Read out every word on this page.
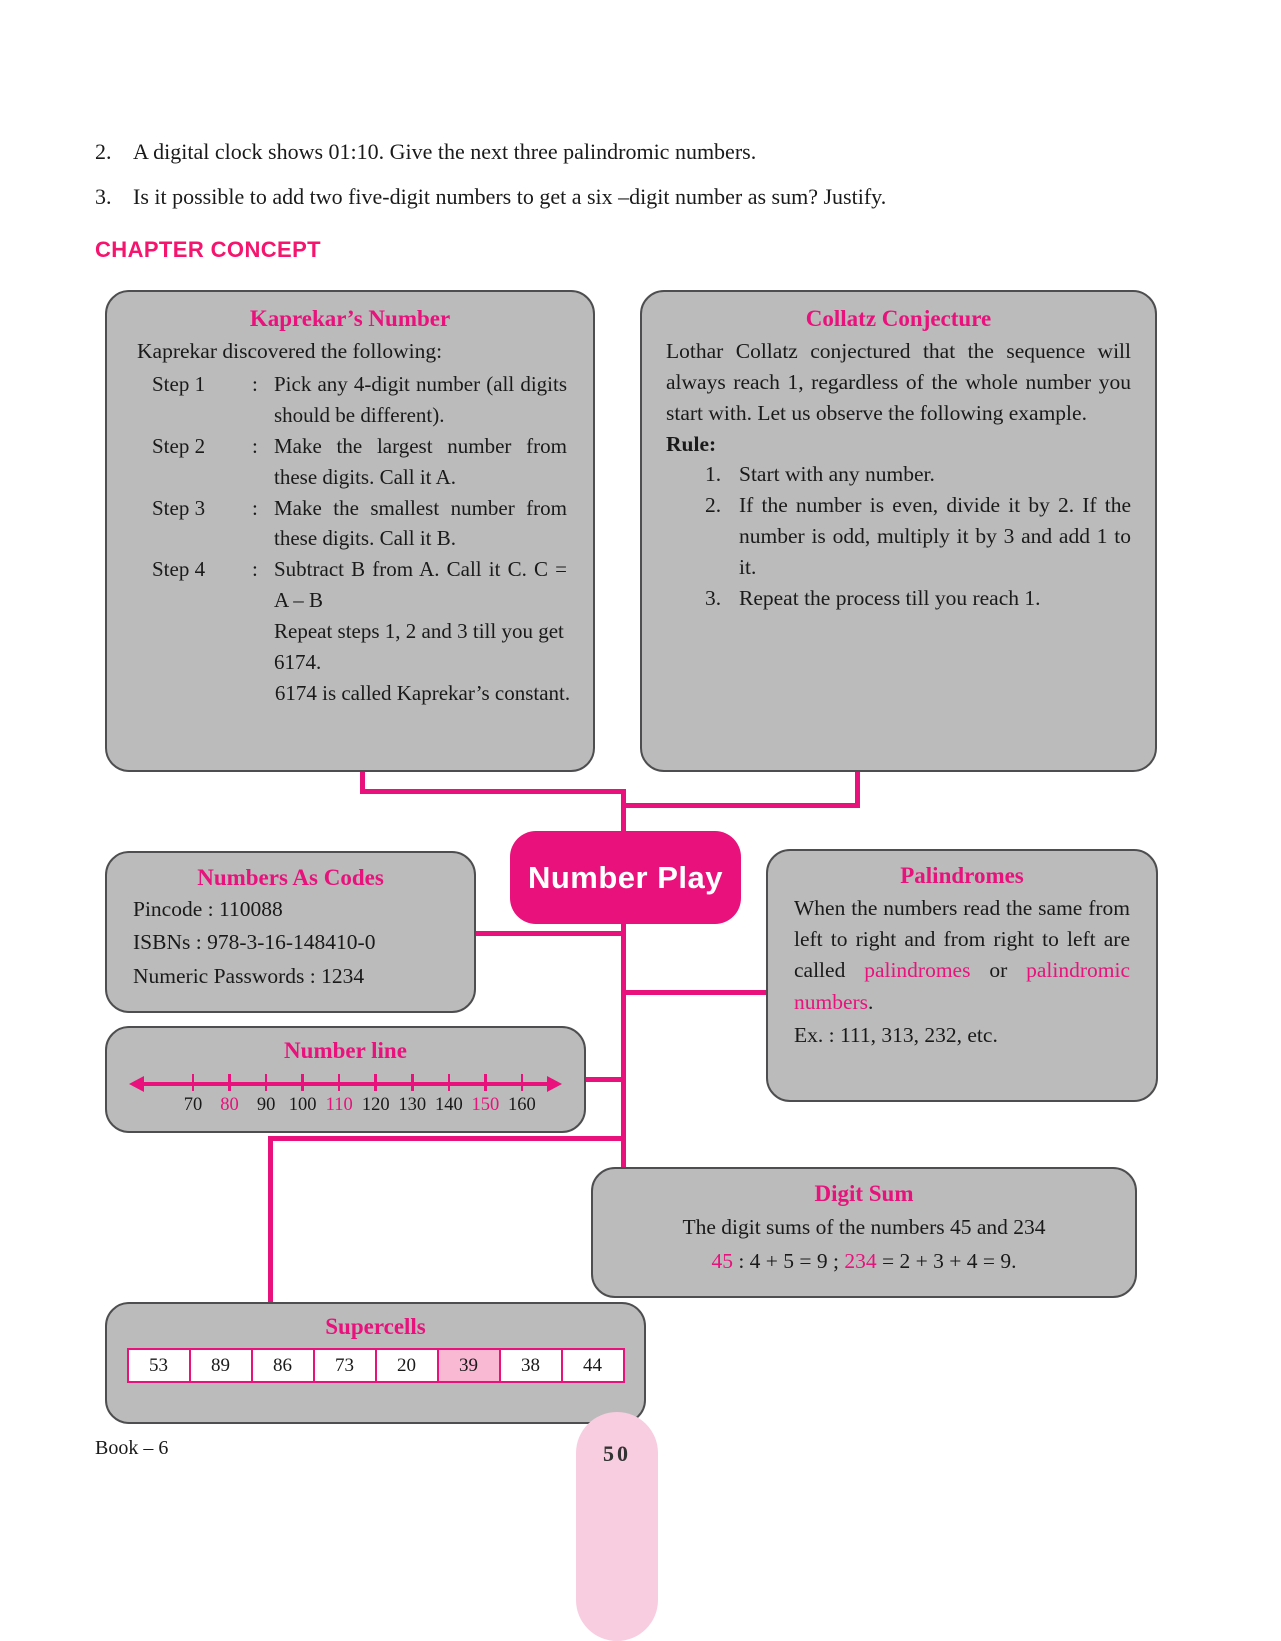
2. A digital clock shows 01:10. Give the next three palindromic numbers.
3. Is it possible to add two five-digit numbers to get a six –digit number as sum? Justify.
CHAPTER CONCEPT
Kaprekar’s Number

Kaprekar discovered the following:

Step 1	: Pick any 4-digit number (all digits should be different).
Step 2	: Make the largest number from these digits. Call it A.
Step 3	: Make the smallest number from these digits. Call it B.
Step 4	: Subtract B from A. Call it C. C = A – B

Repeat steps 1, 2 and 3 till you get 6174.

6174 is called Kaprekar’s constant.

Collatz Conjecture

Lothar Collatz conjectured that the sequence will always reach 1, regardless of the whole number you start with. Let us observe the following example.

Rule:

1. Start with any number.
2. If the number is even, divide it by 2. If the number is odd, multiply it by 3 and add 1 to it.
3. Repeat the process till you reach 1.
Number Play
Numbers As Codes

Pincode : 110088

ISBNs : 978-3-16-148410-0

Numeric Passwords : 1234

Palindromes

When the numbers read the same from left to right and from right to left are called palindromes or palindromic numbers.

Ex. : 111, 313, 232, etc.

Number line
70 80 90 100 110 120 130 140 150 160
Digit Sum

The digit sums of the numbers 45 and 234

45 : 4 + 5 = 9 ; 234 = 2 + 3 + 4 = 9.

Supercells
53	89	86	73	20	39	38	44
Book – 6	50
